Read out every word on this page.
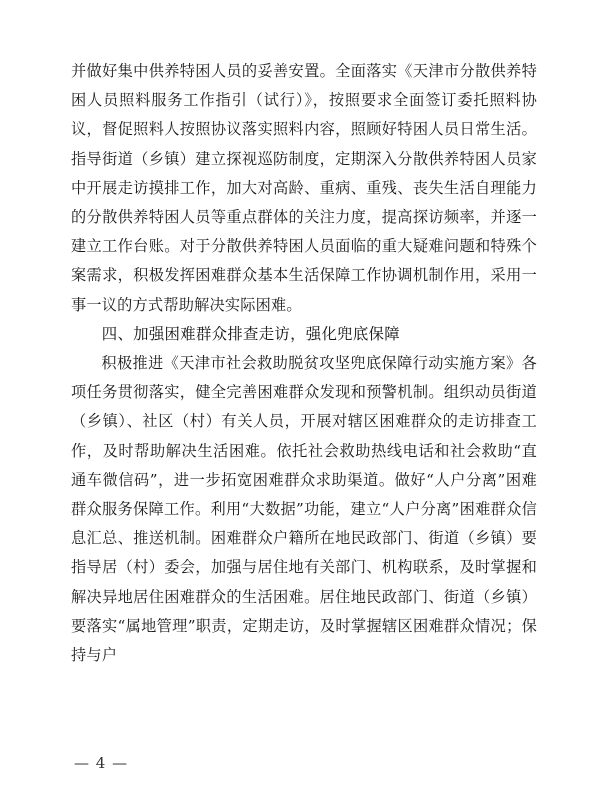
并做好集中供养特困人员的妥善安置。全面落实《天津市分散供养特困人员照料服务工作指引（试行）》，按照要求全面签订委托照料协议，督促照料人按照协议落实照料内容，照顾好特困人员日常生活。指导街道（乡镇）建立探视巡防制度，定期深入分散供养特困人员家中开展走访摸排工作，加大对高龄、重病、重残、丧失生活自理能力的分散供养特困人员等重点群体的关注力度，提高探访频率，并逐一建立工作台账。对于分散供养特困人员面临的重大疑难问题和特殊个案需求，积极发挥困难群众基本生活保障工作协调机制作用，采用一事一议的方式帮助解决实际困难。

四、加强困难群众排查走访，强化兜底保障

积极推进《天津市社会救助脱贫攻坚兜底保障行动实施方案》各项任务贯彻落实，健全完善困难群众发现和预警机制。组织动员街道（乡镇）、社区（村）有关人员，开展对辖区困难群众的走访排查工作，及时帮助解决生活困难。依托社会救助热线电话和社会救助“直通车微信码”，进一步拓宽困难群众求助渠道。做好“人户分离”困难群众服务保障工作。利用“大数据”功能，建立“人户分离”困难群众信息汇总、推送机制。困难群众户籍所在地民政部门、街道（乡镇）要指导居（村）委会，加强与居住地有关部门、机构联系，及时掌握和解决异地居住困难群众的生活困难。居住地民政部门、街道（乡镇）要落实“属地管理”职责，定期走访，及时掌握辖区困难群众情况；保持与户

— 4 —
